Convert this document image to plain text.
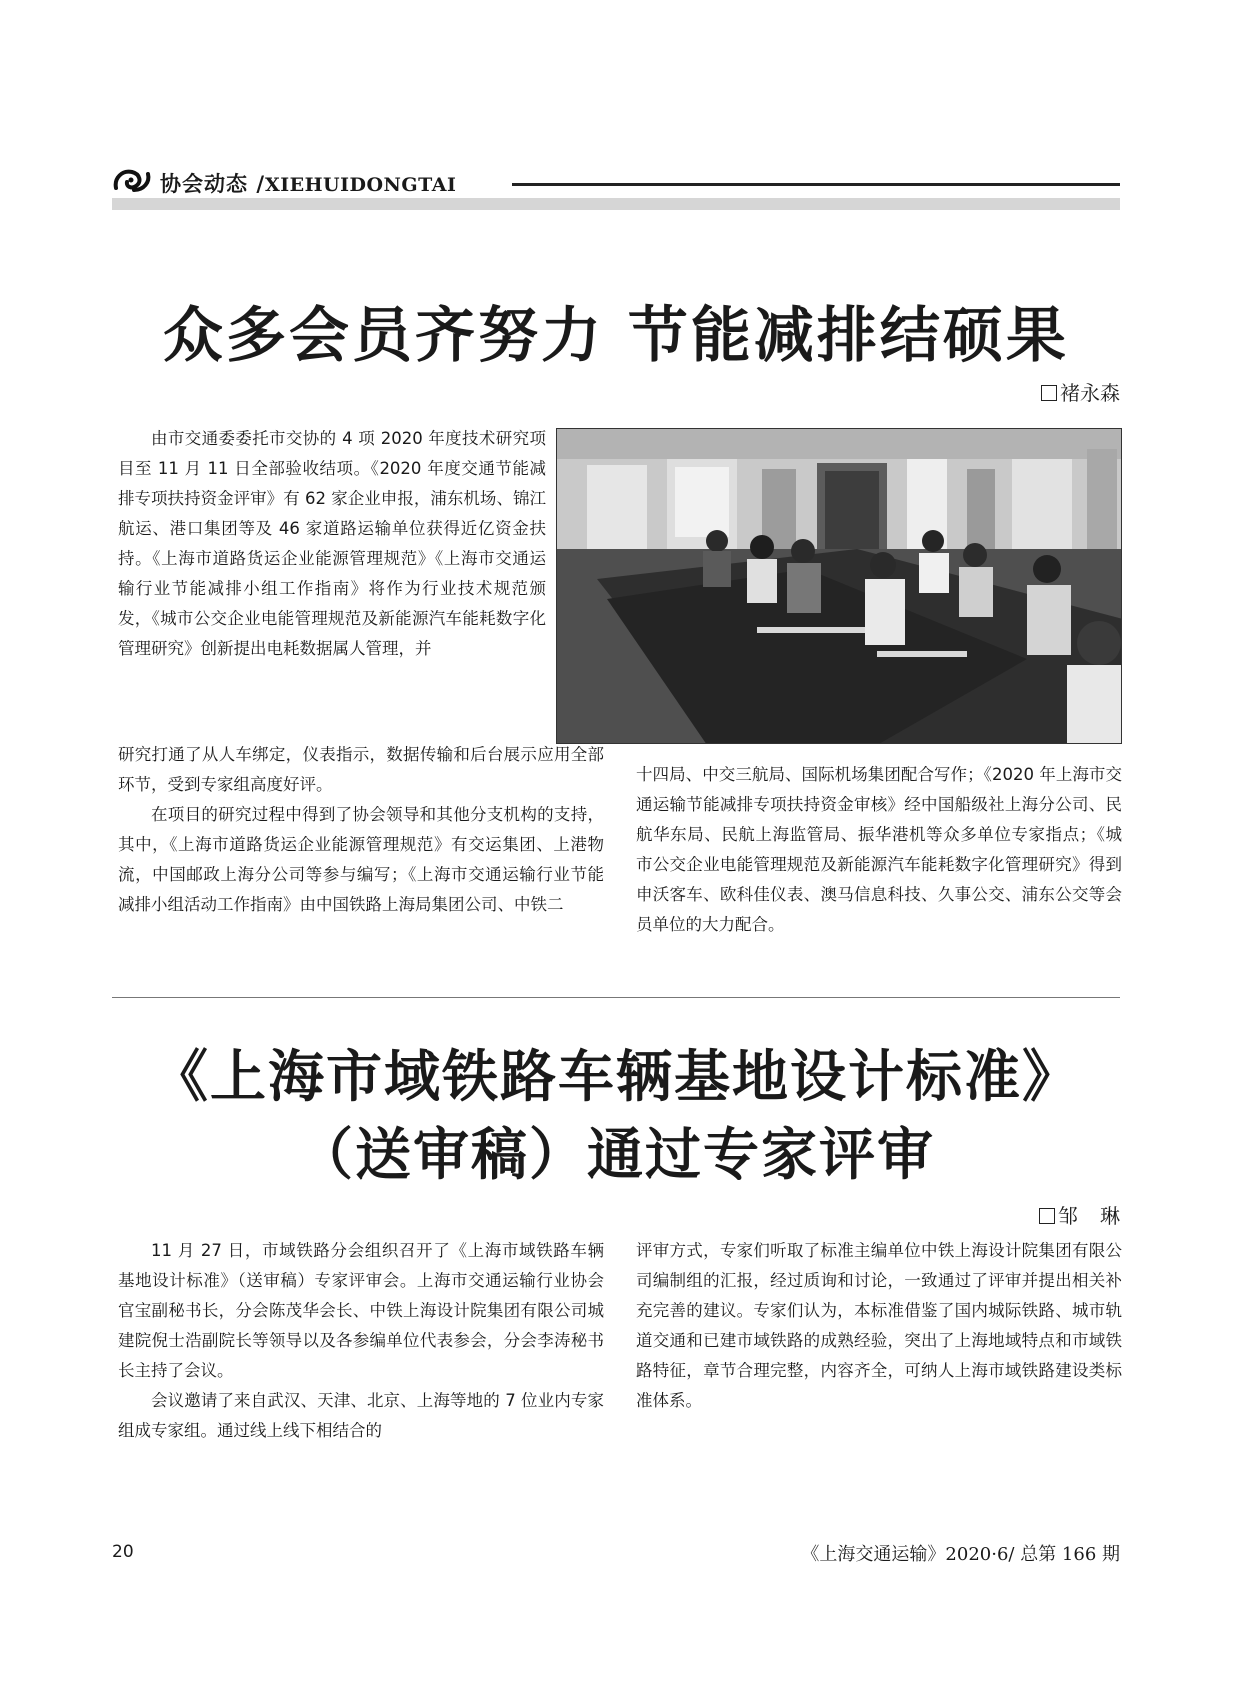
协会动态 /XIEHUIDONGTAI
众多会员齐努力 节能减排结硕果
褚永森

由市交通委委托市交协的 4 项 2020 年度技术研究项目至 11 月 11 日全部验收结项。《2020 年度交通节能减排专项扶持资金评审》有 62 家企业申报，浦东机场、锦江航运、港口集团等及 46 家道路运输单位获得近亿资金扶持。《上海市道路货运企业能源管理规范》《上海市交通运输行业节能减排小组工作指南》将作为行业技术规范颁发，《城市公交企业电能管理规范及新能源汽车能耗数字化管理研究》创新提出电耗数据属人管理，并

研究打通了从人车绑定，仪表指示，数据传输和后台展示应用全部环节，受到专家组高度好评。

在项目的研究过程中得到了协会领导和其他分支机构的支持，其中，《上海市道路货运企业能源管理规范》有交运集团、上港物流，中国邮政上海分公司等参与编写；《上海市交通运输行业节能减排小组活动工作指南》由中国铁路上海局集团公司、中铁二

十四局、中交三航局、国际机场集团配合写作；《2020 年上海市交通运输节能减排专项扶持资金审核》经中国船级社上海分公司、民航华东局、民航上海监管局、振华港机等众多单位专家指点；《城市公交企业电能管理规范及新能源汽车能耗数字化管理研究》得到申沃客车、欧科佳仪表、澳马信息科技、久事公交、浦东公交等会员单位的大力配合。

《上海市域铁路车辆基地设计标准》
（送审稿）通过专家评审
邹 琳

11 月 27 日，市域铁路分会组织召开了《上海市域铁路车辆基地设计标准》（送审稿）专家评审会。上海市交通运输行业协会官宝副秘书长，分会陈茂华会长、中铁上海设计院集团有限公司城建院倪士浩副院长等领导以及各参编单位代表参会，分会李涛秘书长主持了会议。

会议邀请了来自武汉、天津、北京、上海等地的 7 位业内专家组成专家组。通过线上线下相结合的

评审方式，专家们听取了标准主编单位中铁上海设计院集团有限公司编制组的汇报，经过质询和讨论，一致通过了评审并提出相关补充完善的建议。专家们认为，本标准借鉴了国内城际铁路、城市轨道交通和已建市域铁路的成熟经验，突出了上海地域特点和市域铁路特征，章节合理完整，内容齐全，可纳人上海市域铁路建设类标准体系。

20	《上海交通运输》2020·6/ 总第 166 期
